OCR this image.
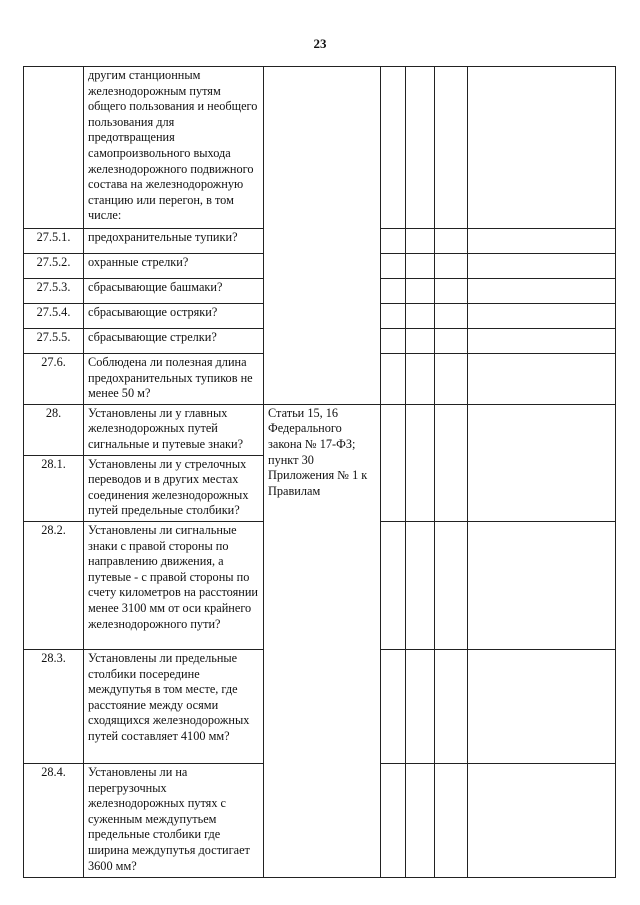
23
	другим станционным железнодорожным путям общего пользования и необщего пользования для предотвращения самопроизвольного выхода железнодорожного подвижного состава на железнодорожную станцию или перегон, в том числе:					
27.5.1.	предохранительные тупики?					
27.5.2.	охранные стрелки?					
27.5.3.	сбрасывающие башмаки?					
27.5.4.	сбрасывающие остряки?					
27.5.5.	сбрасывающие стрелки?					
27.6.	Соблюдена ли полезная длина предохранительных тупиков не менее 50 м?					
28.	Установлены ли у главных железнодорожных путей сигнальные и путевые знаки?	Статьи 15, 16 Федерального закона № 17-ФЗ; пункт 30 Приложения № 1 к Правилам				
28.1.	Установлены ли у стрелочных переводов и в других местах соединения железнодорожных путей предельные столбики?					
28.2.	Установлены ли сигнальные знаки с правой стороны по направлению движения, а путевые - с правой стороны по счету километров на расстоянии менее 3100 мм от оси крайнего железнодорожного пути?					
28.3.	Установлены ли предельные столбики посередине междупутья в том месте, где расстояние между осями сходящихся железнодорожных путей составляет 4100 мм?					
28.4.	Установлены ли на перегрузочных железнодорожных путях с суженным междупутьем предельные столбики где ширина междупутья достигает 3600 мм?					
